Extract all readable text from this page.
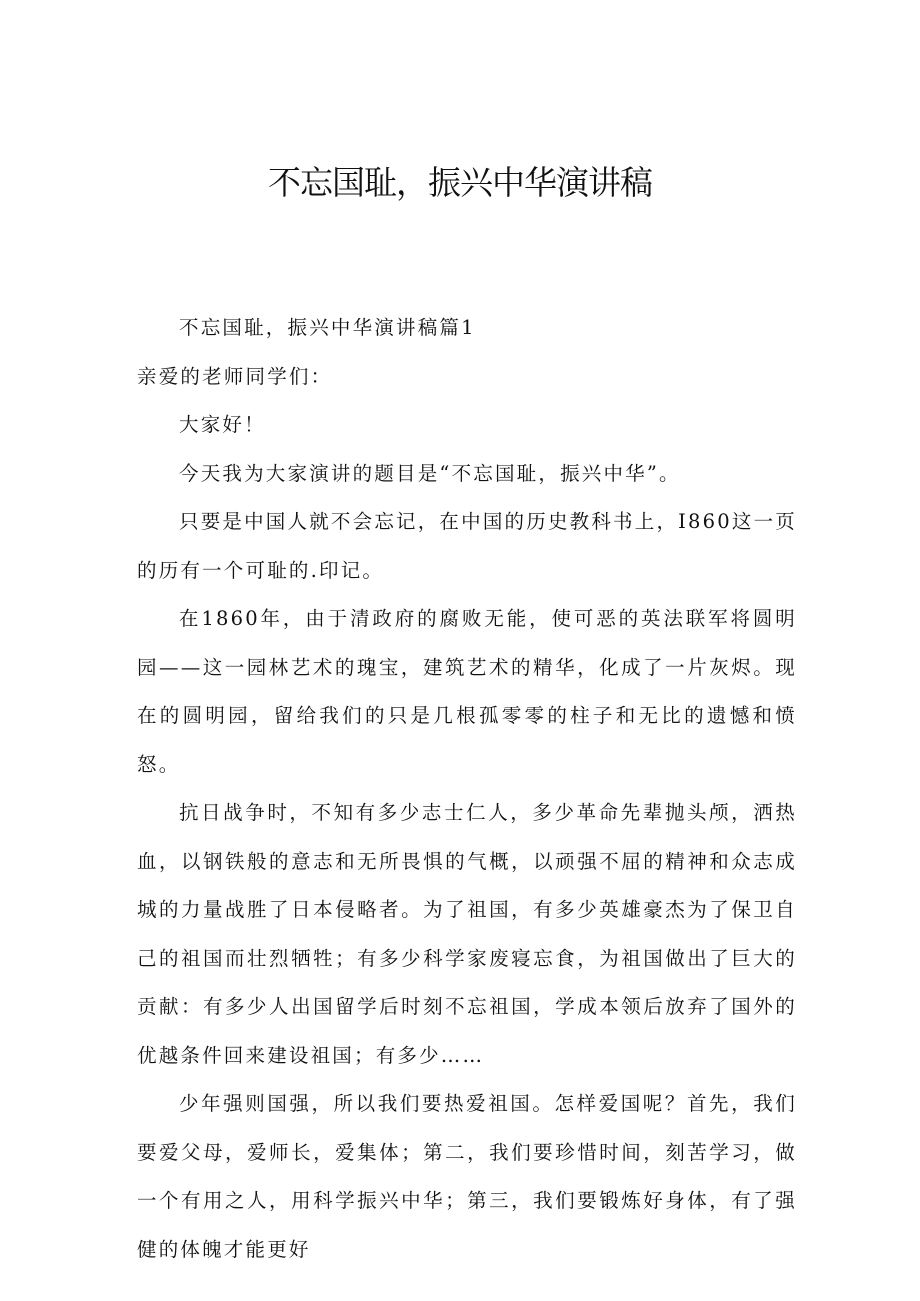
不忘国耻，振兴中华演讲稿

不忘国耻，振兴中华演讲稿篇1

亲爱的老师同学们：

大家好！

今天我为大家演讲的题目是“不忘国耻，振兴中华”。

只要是中国人就不会忘记，在中国的历史教科书上，I860这一页的历有一个可耻的.印记。

在1860年，由于清政府的腐败无能，使可恶的英法联军将圆明园——这一园林艺术的瑰宝，建筑艺术的精华，化成了一片灰烬。现在的圆明园，留给我们的只是几根孤零零的柱子和无比的遗憾和愤怒。

抗日战争时，不知有多少志士仁人，多少革命先辈抛头颅，洒热血，以钢铁般的意志和无所畏惧的气概，以顽强不屈的精神和众志成城的力量战胜了日本侵略者。为了祖国，有多少英雄豪杰为了保卫自己的祖国而壮烈牺牲；有多少科学家废寝忘食，为祖国做出了巨大的贡献：有多少人出国留学后时刻不忘祖国，学成本领后放弃了国外的优越条件回来建设祖国；有多少……

少年强则国强，所以我们要热爱祖国。怎样爱国呢？首先，我们要爱父母，爱师长，爱集体；第二，我们要珍惜时间，刻苦学习，做一个有用之人，用科学振兴中华；第三，我们要锻炼好身体，有了强健的体魄才能更好
